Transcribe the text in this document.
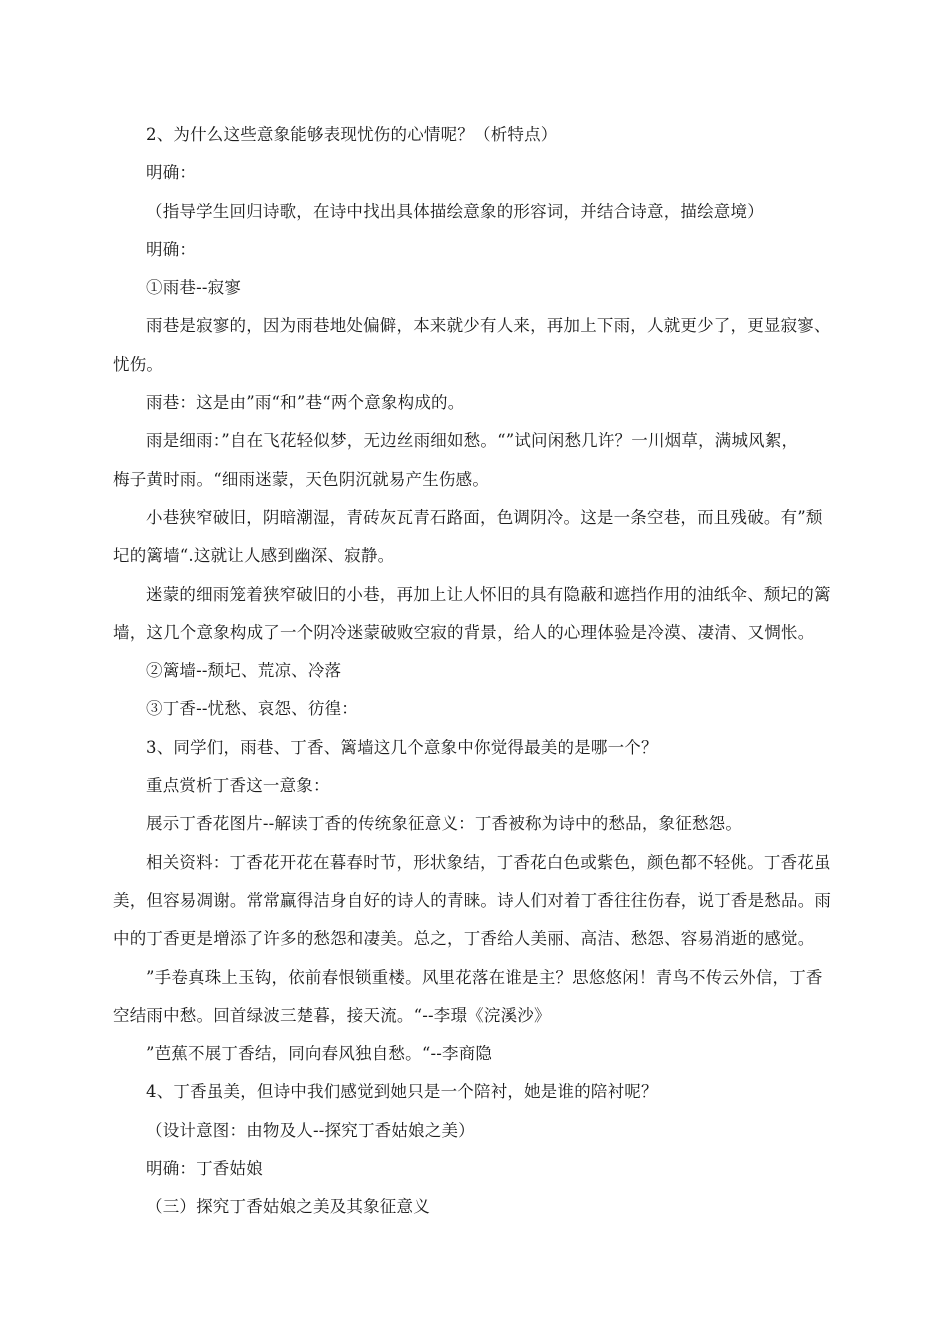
2、为什么这些意象能够表现忧伤的心情呢？（析特点）
明确：
（指导学生回归诗歌，在诗中找出具体描绘意象的形容词，并结合诗意，描绘意境）
明确：
①雨巷--寂寥
雨巷是寂寥的，因为雨巷地处偏僻，本来就少有人来，再加上下雨，人就更少了，更显寂寥、
忧伤。
雨巷：这是由”雨“和”巷“两个意象构成的。
雨是细雨：”自在飞花轻似梦，无边丝雨细如愁。“”试问闲愁几许？一川烟草，满城风絮，
梅子黄时雨。“细雨迷蒙，天色阴沉就易产生伤感。
小巷狭窄破旧，阴暗潮湿，青砖灰瓦青石路面，色调阴冷。这是一条空巷，而且残破。有”颓
圮的篱墙“.这就让人感到幽深、寂静。
迷蒙的细雨笼着狭窄破旧的小巷，再加上让人怀旧的具有隐蔽和遮挡作用的油纸伞、颓圮的篱
墙，这几个意象构成了一个阴冷迷蒙破败空寂的背景，给人的心理体验是冷漠、凄清、又惆怅。
②篱墙--颓圮、荒凉、冷落
③丁香--忧愁、哀怨、彷徨：
3、同学们，雨巷、丁香、篱墙这几个意象中你觉得最美的是哪一个？
重点赏析丁香这一意象：
展示丁香花图片--解读丁香的传统象征意义：丁香被称为诗中的愁品，象征愁怨。
相关资料：丁香花开花在暮春时节，形状象结，丁香花白色或紫色，颜色都不轻佻。丁香花虽
美，但容易凋谢。常常赢得洁身自好的诗人的青睐。诗人们对着丁香往往伤春，说丁香是愁品。雨
中的丁香更是增添了许多的愁怨和凄美。总之，丁香给人美丽、高洁、愁怨、容易消逝的感觉。
”手卷真珠上玉钩，依前春恨锁重楼。风里花落在谁是主？思悠悠闲！青鸟不传云外信，丁香
空结雨中愁。回首绿波三楚暮，接天流。“--李璟《浣溪沙》
”芭蕉不展丁香结，同向春风独自愁。“--李商隐
4、丁香虽美，但诗中我们感觉到她只是一个陪衬，她是谁的陪衬呢？
（设计意图：由物及人--探究丁香姑娘之美）
明确：丁香姑娘
（三）探究丁香姑娘之美及其象征意义
